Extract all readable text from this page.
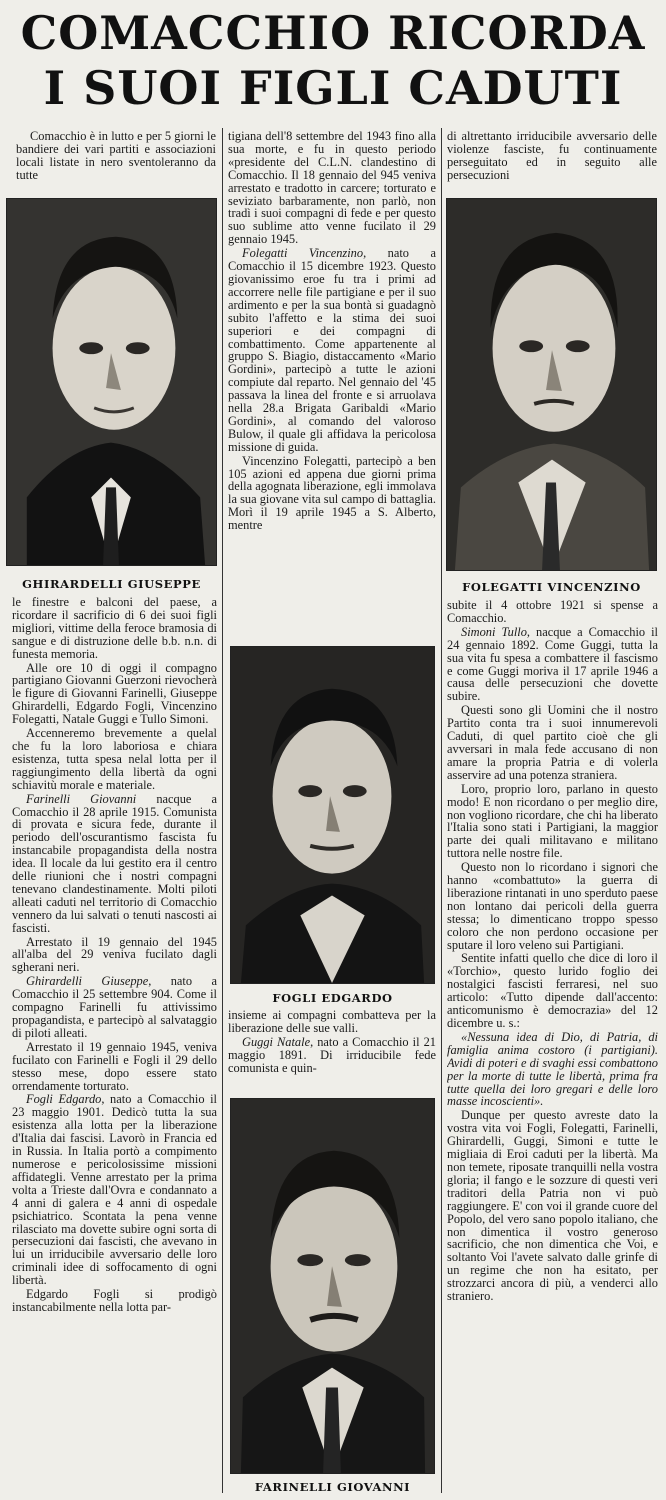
COMACCHIO RICORDA
I SUOI FIGLI CADUTI

Comacchio è in lutto e per 5 giorni le bandiere dei vari partiti e associazioni locali listate in nero sventoleranno da tutte

GHIRARDELLI GIUSEPPE

le finestre e balconi del paese, a ricordare il sacrificio di 6 dei suoi figli migliori, vittime della feroce bramosia di sangue e di distruzione delle b.b. n.n. di funesta memoria.

Alle ore 10 di oggi il compagno partigiano Giovanni Guerzoni rievocherà le figure di Giovanni Farinelli, Giuseppe Ghirardelli, Edgardo Fogli, Vincenzino Folegatti, Natale Guggi e Tullo Simoni.

Accenneremo brevemente a quelal che fu la loro laboriosa e chiara esistenza, tutta spesa nelal lotta per il raggiungimento della libertà da ogni schiavitù morale e materiale.

Farinelli Giovanni nacque a Comacchio il 28 aprile 1915. Comunista di provata e sicura fede, durante il periodo dell'oscurantismo fascista fu instancabile propagandista della nostra idea. Il locale da lui gestito era il centro delle riunioni che i nostri compagni tenevano clandestinamente. Molti piloti alleati caduti nel territorio di Comacchio vennero da lui salvati o tenuti nascosti ai fascisti.

Arrestato il 19 gennaio del 1945 all'alba del 29 veniva fucilato dagli sgherani neri.

Ghirardelli Giuseppe, nato a Comacchio il 25 settembre 904. Come il compagno Farinelli fu attivissimo propagandista, e partecipò al salvataggio di piloti alleati.

Arrestato il 19 gennaio 1945, veniva fucilato con Farinelli e Fogli il 29 dello stesso mese, dopo essere stato orrendamente torturato.

Fogli Edgardo, nato a Comacchio il 23 maggio 1901. Dedicò tutta la sua esistenza alla lotta per la liberazione d'Italia dai fascisi. Lavorò in Francia ed in Russia. In Italia portò a compimento numerose e pericolosissime missioni affidategli. Venne arrestato per la prima volta a Trieste dall'Ovra e condannato a 4 anni di galera e 4 anni di ospedale psichiatrico. Scontata la pena venne rilasciato ma dovette subire ogni sorta di persecuzioni dai fascisti, che avevano in lui un irriducibile avversario delle loro criminali idee di soffocamento di ogni libertà.

Edgardo Fogli si prodigò instancabilmente nella lotta par-

tigiana dell'8 settembre del 1943 fino alla sua morte, e fu in questo periodo «presidente del C.L.N. clandestino di Comacchio. Il 18 gennaio del 945 veniva arrestato e tradotto in carcere; torturato e seviziato barbaramente, non parlò, non tradì i suoi compagni di fede e per questo suo sublime atto venne fucilato il 29 gennaio 1945.

Folegatti Vincenzino, nato a Comacchio il 15 dicembre 1923. Questo giovanissimo eroe fu tra i primi ad accorrere nelle file partigiane e per il suo ardimento e per la sua bontà si guadagnò subito l'affetto e la stima dei suoi superiori e dei compagni di combattimento. Come appartenente al gruppo S. Biagio, distaccamento «Mario Gordini», partecipò a tutte le azioni compiute dal reparto. Nel gennaio del '45 passava la linea del fronte e si arruolava nella 28.a Brigata Garibaldi «Mario Gordini», al comando del valoroso Bulow, il quale gli affidava la pericolosa missione di guida.

Vincenzino Folegatti, partecipò a ben 105 azioni ed appena due giorni prima della agognata liberazione, egli immolava la sua giovane vita sul campo di battaglia. Morì il 19 aprile 1945 a S. Alberto, mentre

FOGLI EDGARDO

insieme ai compagni combatteva per la liberazione delle sue valli.

Guggi Natale, nato a Comacchio il 21 maggio 1891. Di irriducibile fede comunista e quin-

FARINELLI GIOVANNI

di altrettanto irriducibile avversario delle violenze fasciste, fu continuamente perseguitato ed in seguito alle persecuzioni

FOLEGATTI VINCENZINO

subite il 4 ottobre 1921 si spense a Comacchio.

Simoni Tullo, nacque a Comacchio il 24 gennaio 1892. Come Guggi, tutta la sua vita fu spesa a combattere il fascismo e come Guggi moriva il 17 aprile 1946 a causa delle persecuzioni che dovette subire.

Questi sono gli Uomini che il nostro Partito conta tra i suoi innumerevoli Caduti, di quel partito cioè che gli avversari in mala fede accusano di non amare la propria Patria e di volerla asservire ad una potenza straniera.

Loro, proprio loro, parlano in questo modo! E non ricordano o per meglio dire, non vogliono ricordare, che chi ha liberato l'Italia sono stati i Partigiani, la maggior parte dei quali militavano e militano tuttora nelle nostre file.

Questo non lo ricordano i signori che hanno «combattuto» la guerra di liberazione rintanati in uno sperduto paese non lontano dai pericoli della guerra stessa; lo dimenticano troppo spesso coloro che non perdono occasione per sputare il loro veleno sui Partigiani.

Sentite infatti quello che dice di loro il «Torchio», questo lurido foglio dei nostalgici fascisti ferraresi, nel suo articolo: «Tutto dipende dall'accento: anticomunismo è democrazia» del 12 dicembre u. s.:

«Nessuna idea di Dio, di Patria, di famiglia anima costoro (i partigiani). Avidi di poteri e di svaghi essi combattono per la morte di tutte le libertà, prima fra tutte quella dei loro gregari e delle loro masse incoscienti».

Dunque per questo avreste dato la vostra vita voi Fogli, Folegatti, Farinelli, Ghirardelli, Guggi, Simoni e tutte le migliaia di Eroi caduti per la libertà. Ma non temete, riposate tranquilli nella vostra gloria; il fango e le sozzure di questi veri traditori della Patria non vi può raggiungere. E' con voi il grande cuore del Popolo, del vero sano popolo italiano, che non dimentica il vostro generoso sacrificio, che non dimentica che Voi, e soltanto Voi l'avete salvato dalle grinfe di un regime che non ha esitato, per strozzarci ancora di più, a venderci allo straniero.
